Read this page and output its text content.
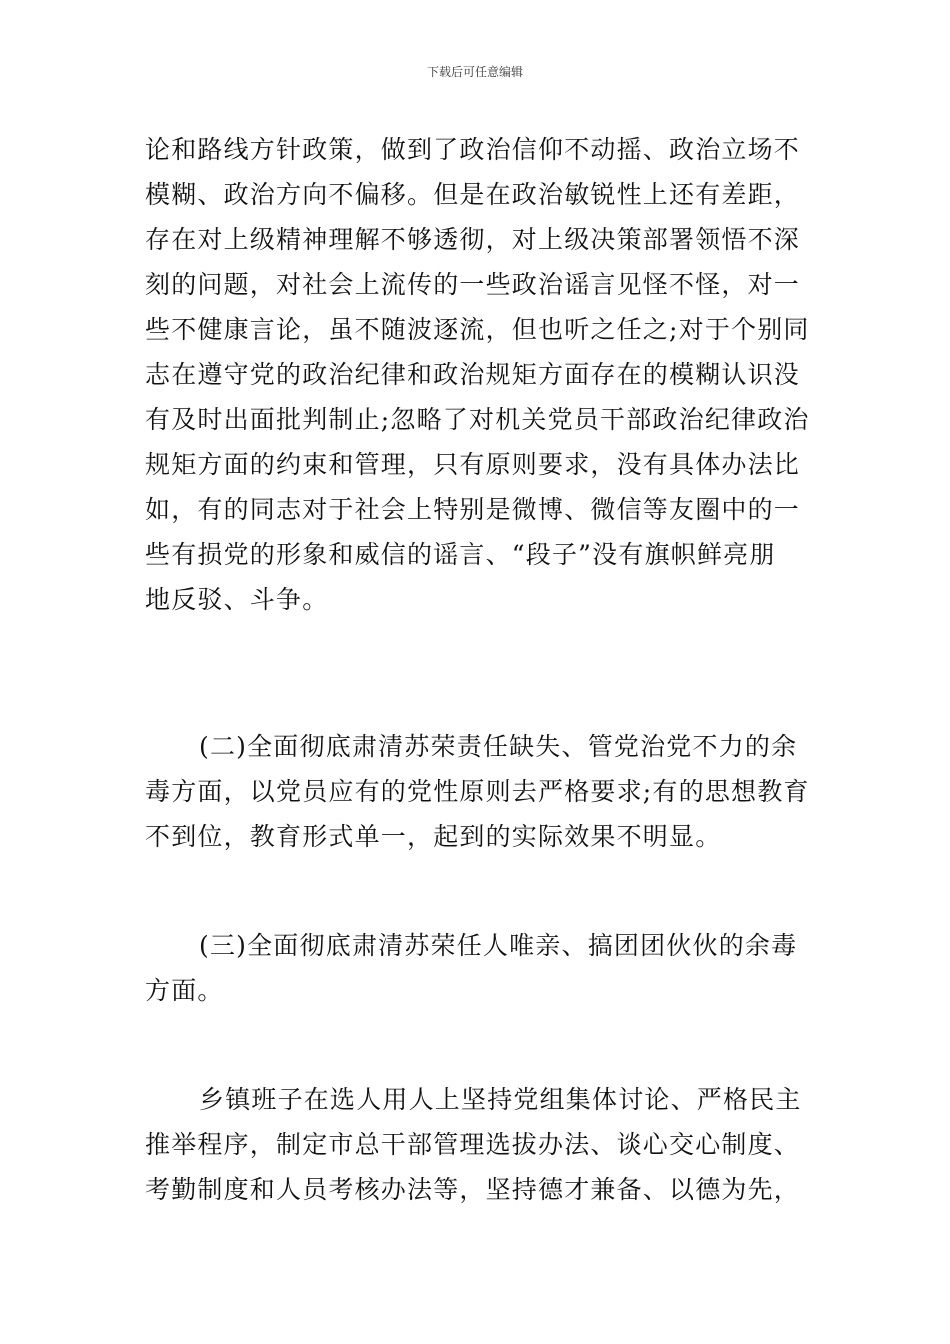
下载后可任意编辑
论和路线方针政策，做到了政治信仰不动摇、政治立场不
模糊、政治方向不偏移。但是在政治敏锐性上还有差距，
存在对上级精神理解不够透彻，对上级决策部署领悟不深
刻的问题，对社会上流传的一些政治谣言见怪不怪，对一
些不健康言论，虽不随波逐流，但也听之任之;对于个别同
志在遵守党的政治纪律和政治规矩方面存在的模糊认识没
有及时出面批判制止;忽略了对机关党员干部政治纪律政治
规矩方面的约束和管理，只有原则要求，没有具体办法比
如，有的同志对于社会上特别是微博、微信等友圈中的一
些有损党的形象和威信的谣言、“段子”没有旗帜鲜亮朋
地反驳、斗争。
(二)全面彻底肃清苏荣责任缺失、管党治党不力的余
毒方面，以党员应有的党性原则去严格要求;有的思想教育
不到位，教育形式单一，起到的实际效果不明显。
(三)全面彻底肃清苏荣任人唯亲、搞团团伙伙的余毒
方面。
乡镇班子在选人用人上坚持党组集体讨论、严格民主
推举程序，制定市总干部管理选拔办法、谈心交心制度、
考勤制度和人员考核办法等，坚持德才兼备、以德为先，
